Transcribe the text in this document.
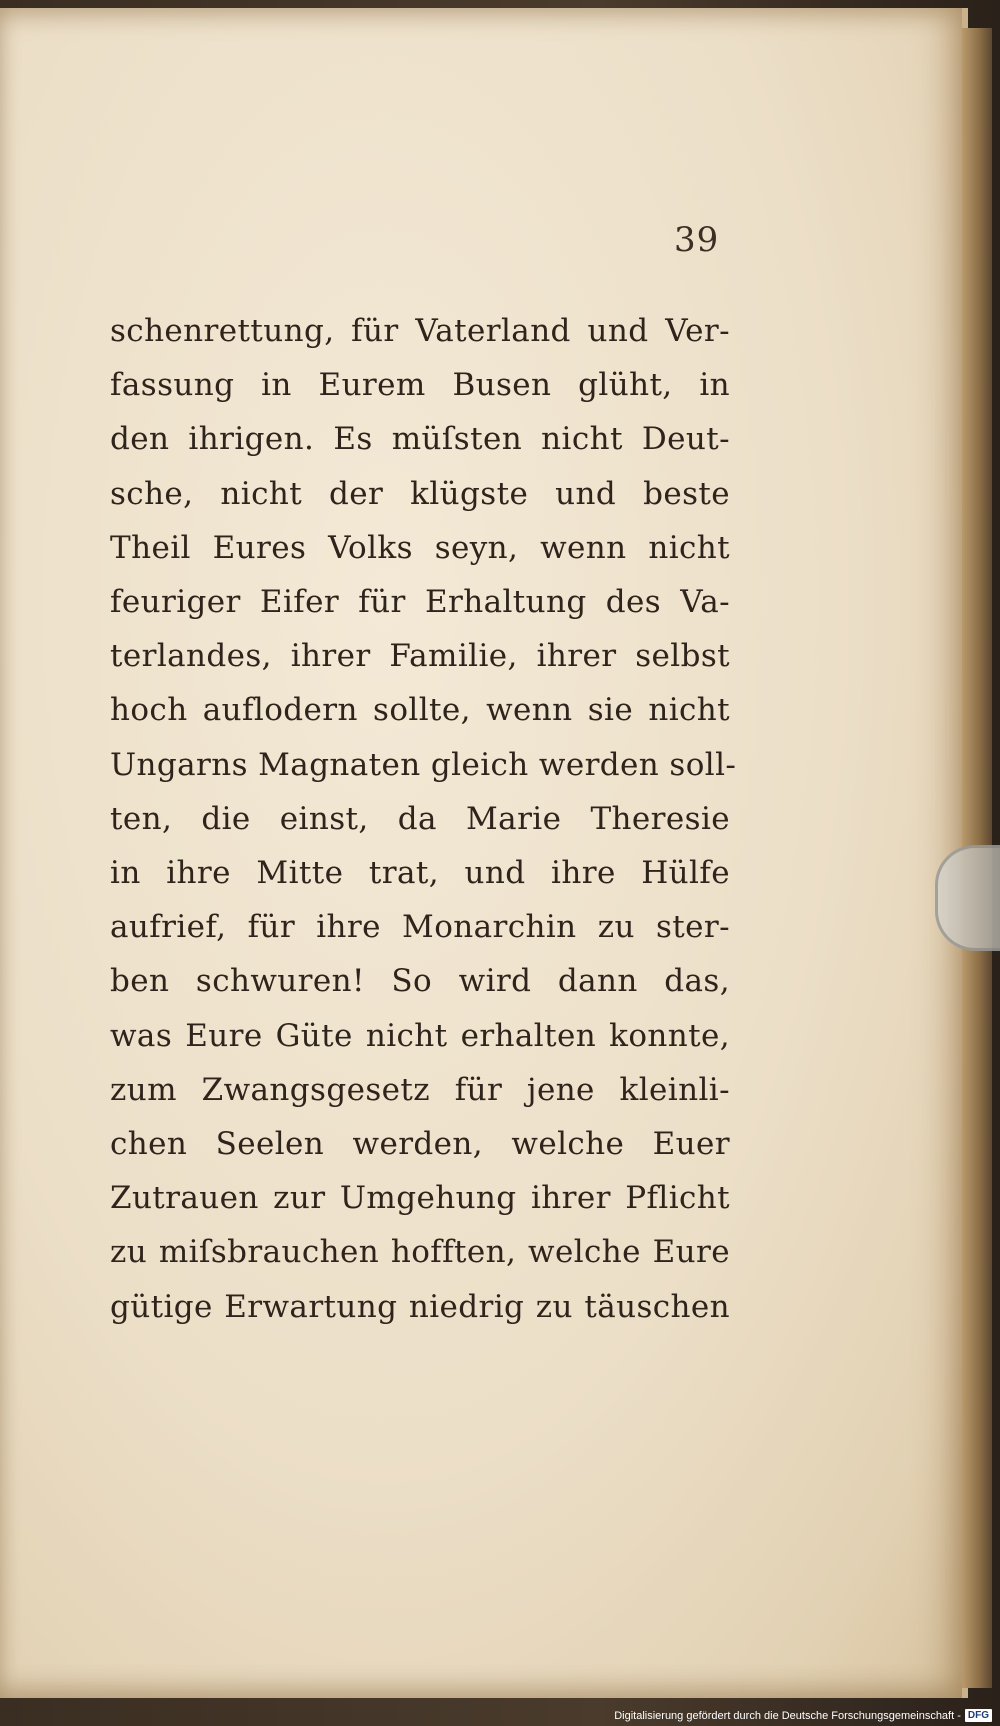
39
schenrettung, für Vaterland und Ver-
fassung in Eurem Busen glüht, in
den ihrigen. Es müſsten nicht Deut-
sche, nicht der klügste und beste
Theil Eures Volks seyn, wenn nicht
feuriger Eifer für Erhaltung des Va-
terlandes, ihrer Familie, ihrer selbst
hoch auflodern sollte, wenn sie nicht
Ungarns Magnaten gleich werden soll-
ten, die einst, da Marie Theresie
in ihre Mitte trat, und ihre Hülfe
aufrief, für ihre Monarchin zu ster-
ben schwuren! So wird dann das,
was Eure Güte nicht erhalten konnte,
zum Zwangsgesetz für jene kleinli-
chen Seelen werden, welche Euer
Zutrauen zur Umgehung ihrer Pflicht
zu miſsbrauchen hofften, welche Eure
gütige Erwartung niedrig zu täuschen
Digitalisierung gefördert durch die Deutsche Forschungsgemeinschaft - DFG
